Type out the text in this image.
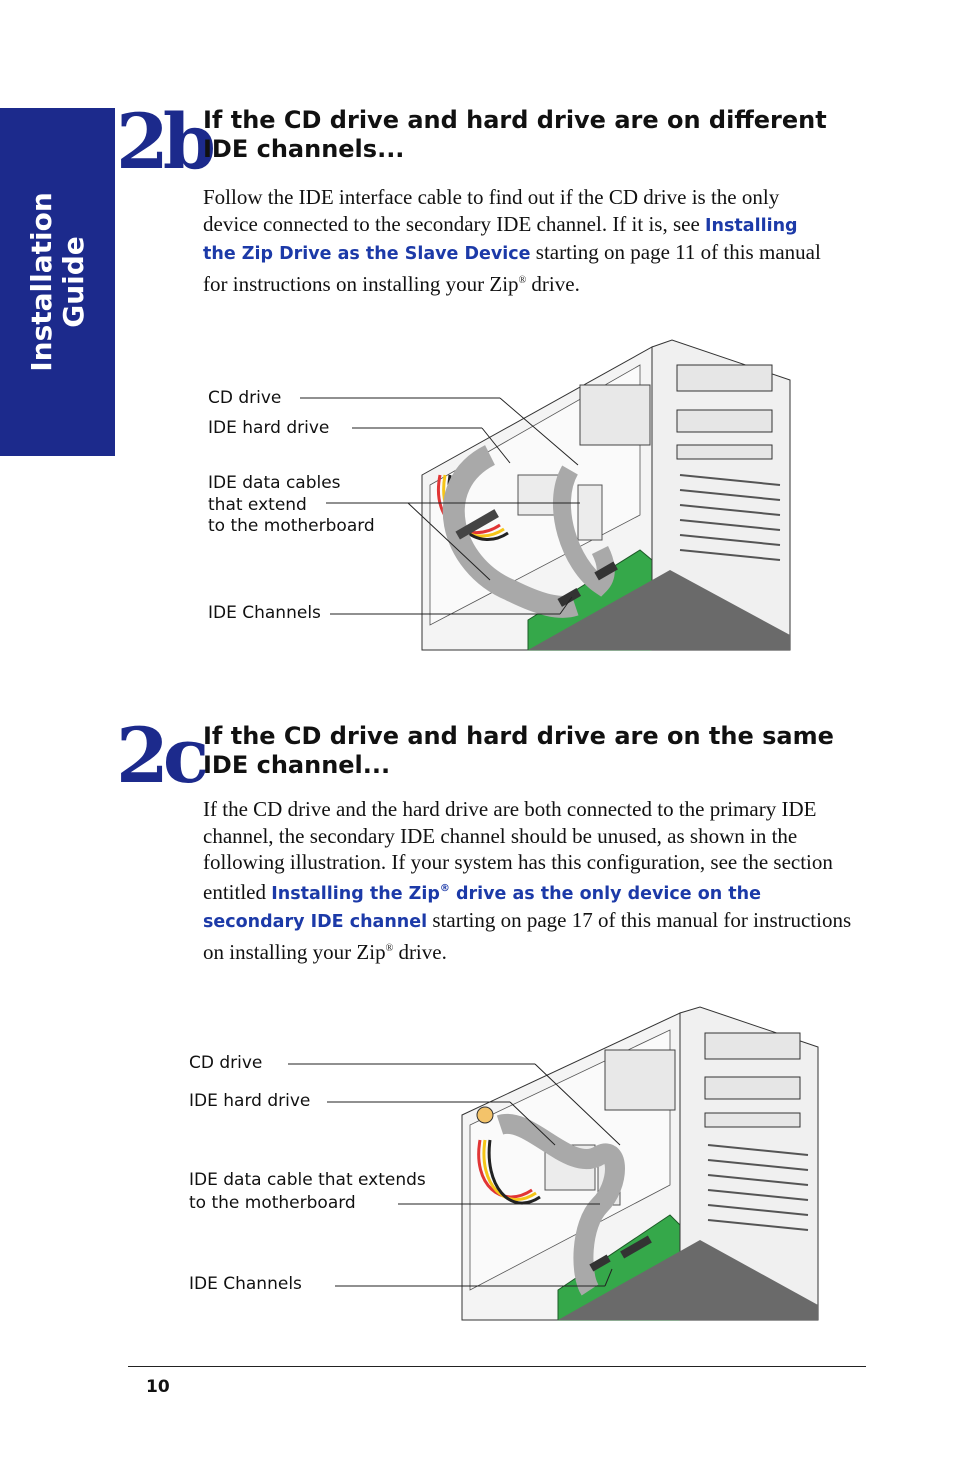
Installation Guide
2b
If the CD drive and hard drive are on different IDE channels...
Follow the IDE interface cable to find out if the CD drive is the only device connected to the secondary IDE channel. If it is, see Installing the Zip Drive as the Slave Device starting on page 11 of this manual for instructions on installing your Zip® drive.
CD drive
IDE hard drive
IDE data cables
that extend
to the motherboard
IDE Channels
2c If the CD drive and hard drive are on the same IDE channel...
If the CD drive and the hard drive are both connected to the primary IDE channel, the secondary IDE channel should be unused, as shown in the following illustration. If your system has this configuration, see the section entitled Installing the Zip® drive as the only device on the secondary IDE channel starting on page 17 of this manual for instructions on installing your Zip® drive.
CD drive
IDE hard drive
IDE data cable that extends
to the motherboard
IDE Channels
10
